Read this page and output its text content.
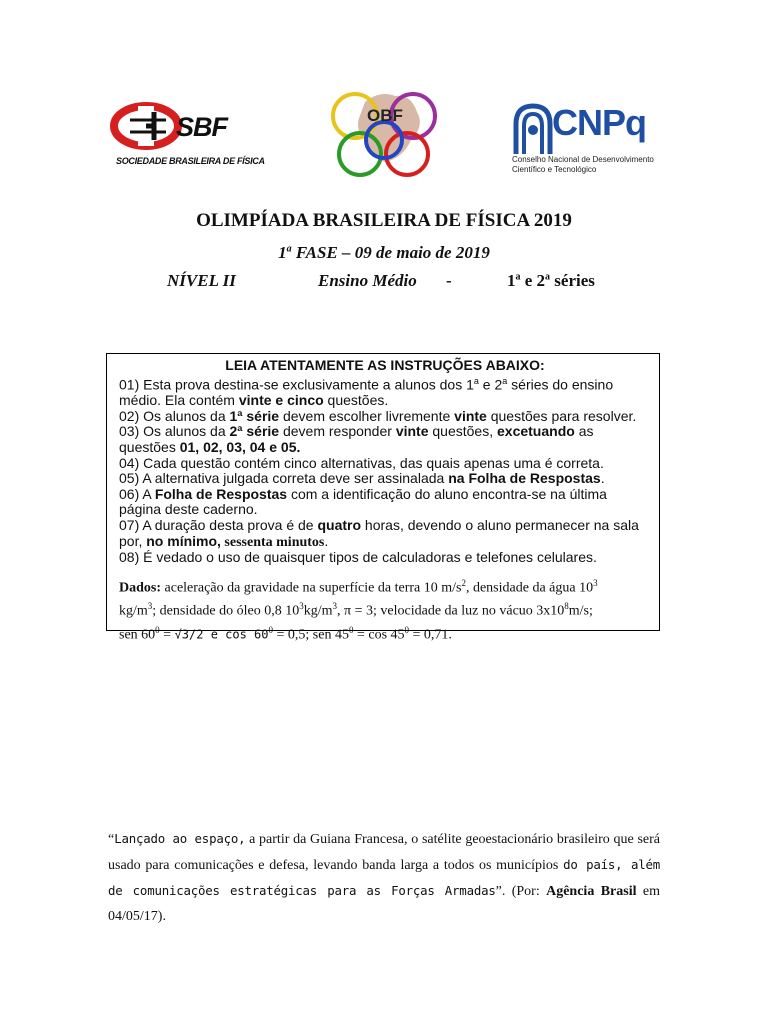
SBF
SOCIEDADE BRASILEIRA DE FÍSICA
OBF	CNPq
Conselho Nacional de Desenvolvimento
Científico e Tecnológico
OLIMPÍADA BRASILEIRA DE FÍSICA 2019
1$^a$ FASE – 09 de maio de 2019
NÍVEL II	Ensino Médio -	1$^a$ e 2$^a$ séries
LEIA ATENTAMENTE AS INSTRUÇÕES ABAIXO:
01) Esta prova destina-se exclusivamente a alunos dos 1$^a$ e 2$^a$ séries do ensino
médio. Ela contém vinte e cinco questões.
02) Os alunos da 1ª série devem escolher livremente vinte questões para resolver.
03) Os alunos da 2ª série devem responder vinte questões, excetuando as
questões 01, 02, 03, 04 e 05.
04) Cada questão contém cinco alternativas, das quais apenas uma é correta.
05) A alternativa julgada correta deve ser assinalada na Folha de Respostas.
06) A Folha de Respostas com a identificação do aluno encontra-se na última
página deste caderno.
07) A duração desta prova é de quatro horas, devendo o aluno permanecer na sala
por, no mínimo, sessenta minutos.
08) É vedado o uso de quaisquer tipos de calculadoras e telefones celulares.
Dados: aceleração da gravidade na superfície da terra 10 $m/s^2$, densidade da água $10^3$
$kg/m^3$; densidade do óleo 0,8 $10^3kg/m^3$, π = 3; velocidade da luz no vácuo $3x10^8m/s$;
sen $60^0 = √3/2$ e $\cos 60^0 = 0,5$; sen $45^0 = \cos 45^0 = 0,71$.
“Lançado ao espaço, a partir da Guiana Francesa, o satélite geoestacionário brasileiro que será usado para comunicações e defesa, levando banda larga a todos os municípios do país, além de comunicações estratégicas para as Forças Armadas”. (Por: Agência Brasil em 04/05/17).
